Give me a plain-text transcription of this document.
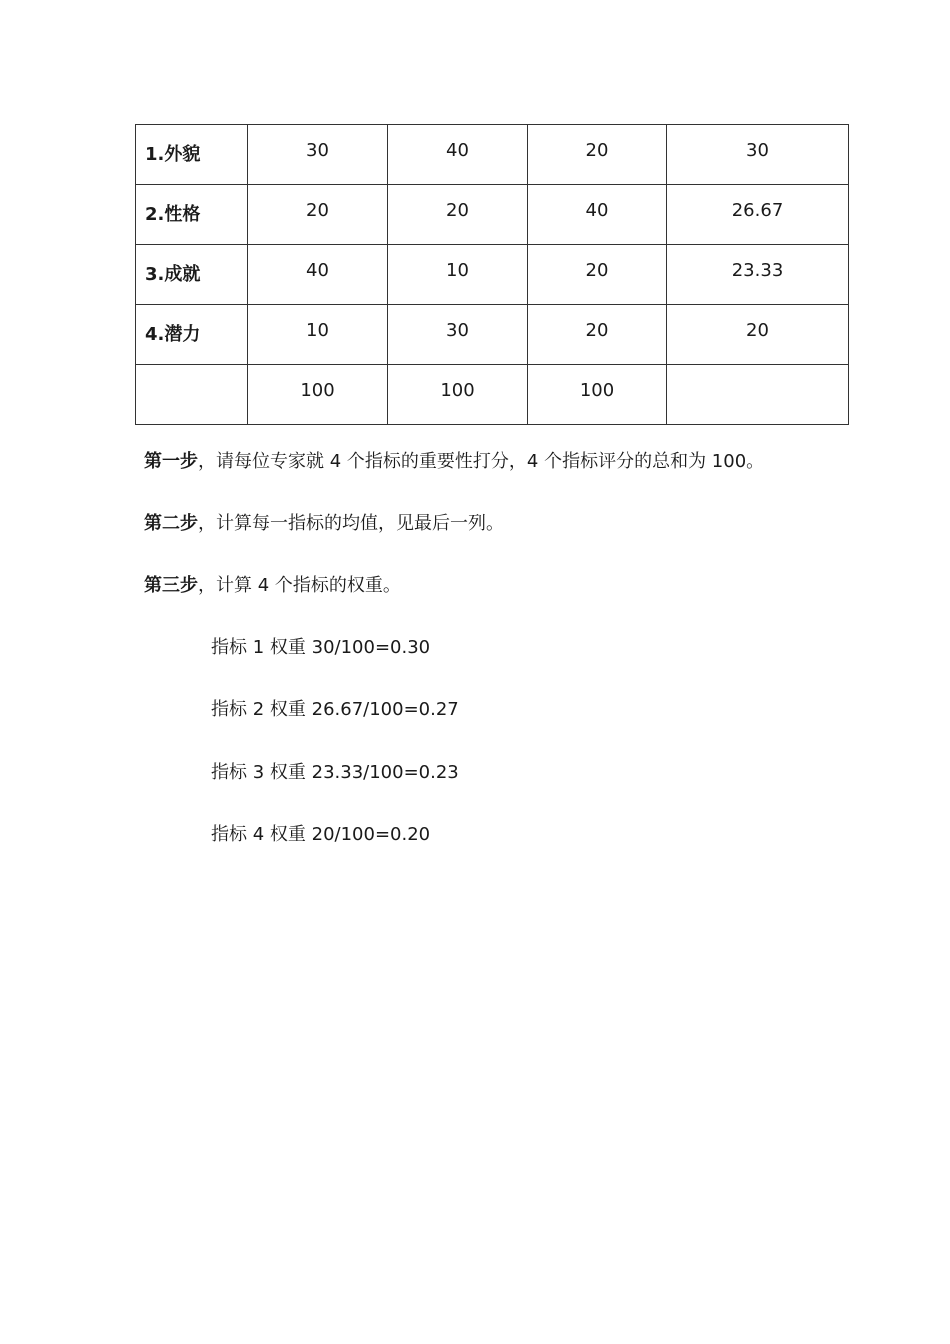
1.外貌	30	40	20	30
2.性格	20	20	40	26.67
3.成就	40	10	20	23.33
4.潜力	10	30	20	20
	100	100	100	
第一步，请每位专家就 4 个指标的重要性打分，4 个指标评分的总和为 100。
第二步，计算每一指标的均值，见最后一列。
第三步，计算 4 个指标的权重。
指标 1 权重 30/100=0.30
指标 2 权重 26.67/100=0.27
指标 3 权重 23.33/100=0.23
指标 4 权重 20/100=0.20
